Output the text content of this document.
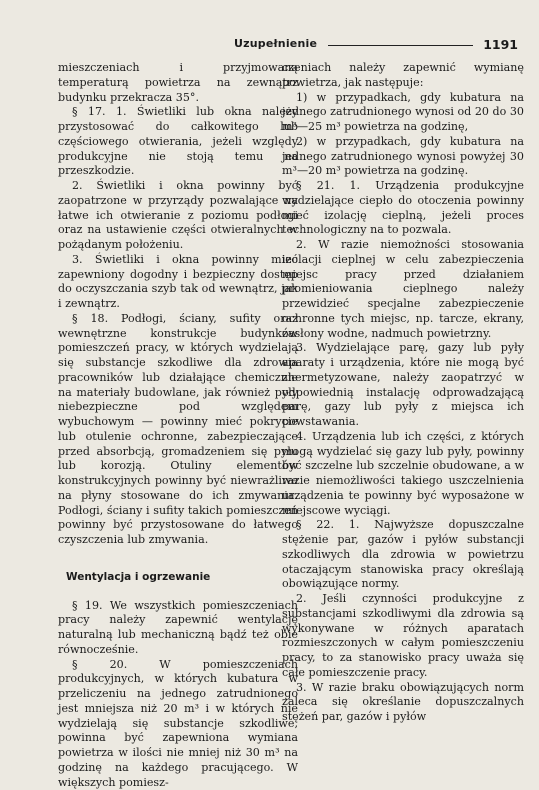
Uzupełnienie	1191

mieszczeniach i przyjmowaną temperaturą powietrza na zewnątrz budynku przekracza 35°.

§ 17. 1. Świetliki lub okna należy przystosować do całkowitego lub częściowego otwierania, jeżeli względy produkcyjne nie stoją temu na przeszkodzie.

2. Świetliki i okna powinny być zaopatrzone w przyrządy pozwalające na łatwe ich otwieranie z poziomu podłogi oraz na ustawienie części otwieralnych w pożądanym położeniu.

3. Świetliki i okna powinny mieć zapewniony dogodny i bezpieczny dostęp do oczyszczania szyb tak od wewnątrz, jak i zewnątrz.

§ 18. Podłogi, ściany, sufity oraz wewnętrzne konstrukcje budynków pomieszczeń pracy, w których wydzielają się substancje szkodliwe dla zdrowia pracowników lub działające chemicznie na materiały budowlane, jak również pyły niebezpieczne pod względem wybuchowym — powinny mieć pokrycie lub otulenie ochronne, zabezpieczające przed absorbcją, gromadzeniem się pyłu lub korozją. Otuliny elementów konstrukcyjnych powinny być niewrażliwe na płyny stosowane do ich zmywania. Podłogi, ściany i sufity takich pomieszczeń powinny być przystosowane do łatwego czyszczenia lub zmywania.

Wentylacja i ogrzewanie

§ 19. We wszystkich pomieszczeniach pracy należy zapewnić wentylację naturalną lub mechaniczną bądź też obie równocześnie.

§ 20. W pomieszczeniach produkcyjnych, w których kubatura w przeliczeniu na jednego zatrudnionego jest mniejsza niż 20 m³ i w których nie wydzielają się substancje szkodliwe, powinna być zapewniona wymiana powietrza w ilości nie mniej niż 30 m³ na godzinę na każdego pracującego. W większych pomiesz-

czeniach należy zapewnić wymianę powietrza, jak następuje:

1) w przypadkach, gdy kubatura na jednego zatrudnionego wynosi od 20 do 30 m³—25 m³ powietrza na godzinę,

2) w przypadkach, gdy kubatura na jednego zatrudnionego wynosi powyżej 30 m³—20 m³ powietrza na godzinę.

§ 21. 1. Urządzenia produkcyjne wydzielające ciepło do otoczenia powinny mieć izolację cieplną, jeżeli proces technologiczny na to pozwala.

2. W razie niemożności stosowania izolacji cieplnej w celu zabezpieczenia miejsc pracy przed działaniem promieniowania cieplnego należy przewidzieć specjalne zabezpieczenie ochronne tych miejsc, np. tarcze, ekrany, zasłony wodne, nadmuch powietrzny.

3. Wydzielające parę, gazy lub pyły aparaty i urządzenia, które nie mogą być zhermetyzowane, należy zaopatrzyć w odpowiednią instalację odprowadzającą parę, gazy lub pyły z miejsca ich powstawania.

4. Urządzenia lub ich części, z których mogą wydzielać się gazy lub pyły, powinny być szczelne lub szczelnie obudowane, a w razie niemożliwości takiego uszczelnienia urządzenia te powinny być wyposażone w miejscowe wyciągi.

§ 22. 1. Najwyższe dopuszczalne stężenie par, gazów i pyłów substancji szkodliwych dla zdrowia w powietrzu otaczającym stanowiska pracy określają obowiązujące normy.

2. Jeśli czynności produkcyjne z substancjami szkodliwymi dla zdrowia są wykonywane w różnych aparatach rozmieszczonych w całym pomieszczeniu pracy, to za stanowisko pracy uważa się całe pomieszczenie pracy.

3. W razie braku obowiązujących norm zaleca się określanie dopuszczalnych stężeń par, gazów i pyłów
